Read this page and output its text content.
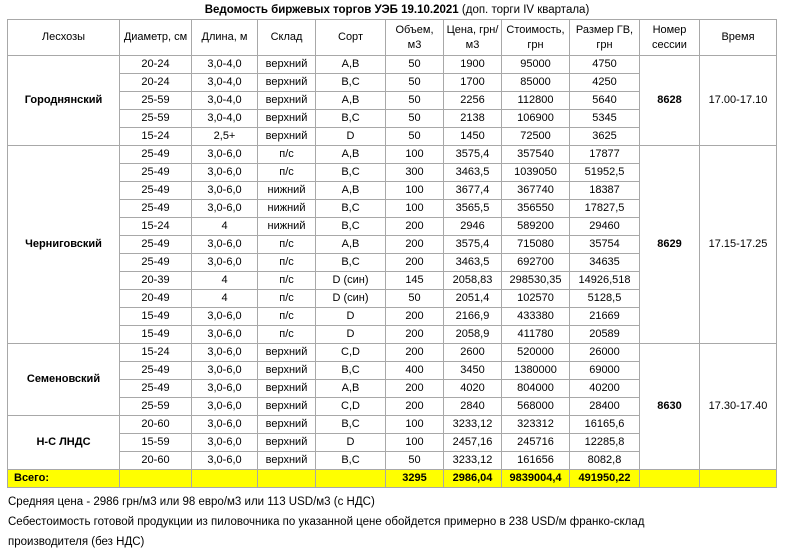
Ведомость биржевых торгов УЭБ 19.10.2021 (доп. торги IV квартала)
Лесхозы	Диаметр, см	Длина, м	Склад	Сорт	Объем, м3	Цена, грн/м3	Стоимость, грн	Размер ГВ, грн	Номер сессии	Время
Городнянский	20-24	3,0-4,0	верхний	А,В	50	1900	95000	4750	8628	17.00-17.10
	20-24	3,0-4,0	верхний	В,С	50	1700	85000	4250		
	25-59	3,0-4,0	верхний	А,В	50	2256	112800	5640		
	25-59	3,0-4,0	верхний	В,С	50	2138	106900	5345		
	15-24	2,5+	верхний	D	50	1450	72500	3625		
Черниговский	25-49	3,0-6,0	п/с	А,В	100	3575,4	357540	17877	8629	17.15-17.25
	25-49	3,0-6,0	п/с	В,С	300	3463,5	1039050	51952,5		
	25-49	3,0-6,0	нижний	А,В	100	3677,4	367740	18387		
	25-49	3,0-6,0	нижний	В,С	100	3565,5	356550	17827,5		
	15-24	4	нижний	В,С	200	2946	589200	29460		
	25-49	3,0-6,0	п/с	А,В	200	3575,4	715080	35754		
	25-49	3,0-6,0	п/с	В,С	200	3463,5	692700	34635		
	20-39	4	п/с	D (син)	145	2058,83	298530,35	14926,518		
	20-49	4	п/с	D (син)	50	2051,4	102570	5128,5		
	15-49	3,0-6,0	п/с	D	200	2166,9	433380	21669		
	15-49	3,0-6,0	п/с	D	200	2058,9	411780	20589		
Семеновский	15-24	3,0-6,0	верхний	C,D	200	2600	520000	26000	8630	17.30-17.40
	25-49	3,0-6,0	верхний	В,С	400	3450	1380000	69000		
	25-49	3,0-6,0	верхний	А,В	200	4020	804000	40200		
	25-59	3,0-6,0	верхний	C,D	200	2840	568000	28400		
Н-С ЛНДС	20-60	3,0-6,0	верхний	В,С	100	3233,12	323312	16165,6		
	15-59	3,0-6,0	верхний	D	100	2457,16	245716	12285,8		
	20-60	3,0-6,0	верхний	В,С	50	3233,12	161656	8082,8		
Всего:					3295	2986,04	9839004,4	491950,22		
Средняя цена - 2986 грн/м3 или 98 евро/м3 или 113 USD/м3 (с НДС)
Себестоимость готовой продукции из пиловочника по указанной цене обойдется примерно в 238 USD/м франко-склад
производителя (без НДС)
